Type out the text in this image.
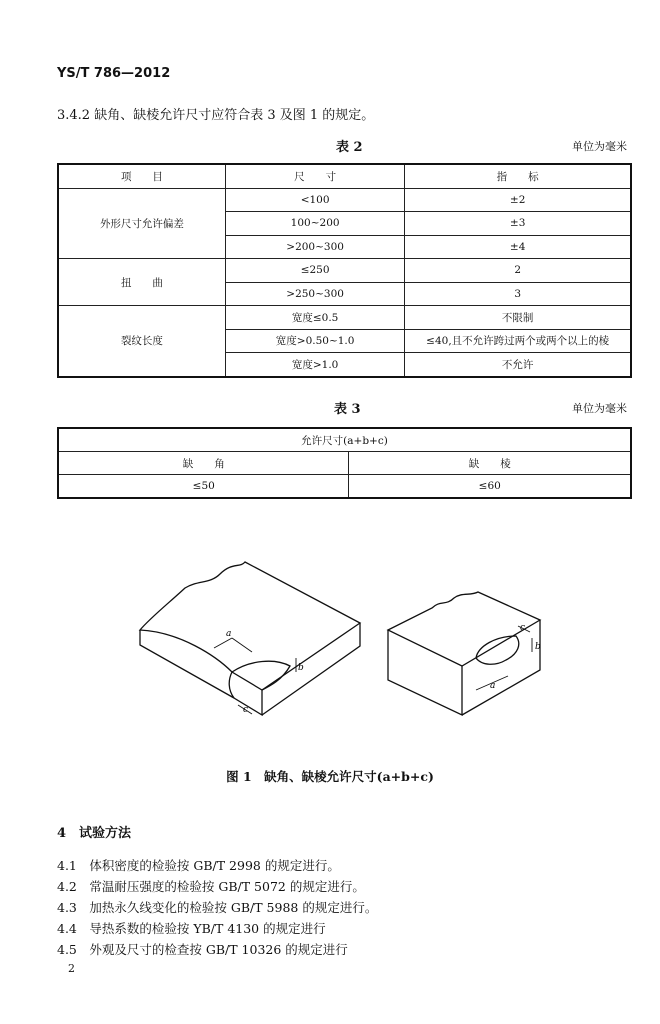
YS/T 786—2012
3.4.2 缺角、缺棱允许尺寸应符合表 3 及图 1 的规定。
表 2	单位为毫米
项　　目	尺　　寸	指　　标
外形尺寸允许偏差	<100	±2
	100~200	±3
	>200~300	±4
扭　　曲	≤250	2
	>250~300	3
裂纹长度	宽度≤0.5	不限制
	宽度>0.50~1.0	≤40,且不允许跨过两个或两个以上的棱
	宽度>1.0	不允许
表 3	单位为毫米
允许尺寸(a+b+c)	
缺　　角	缺　　棱
≤50	≤60
a
b
c
a
b
c
图 1　缺角、缺棱允许尺寸(a+b+c)
4　试验方法
4.1　体积密度的检验按 GB/T 2998 的规定进行。
4.2　常温耐压强度的检验按 GB/T 5072 的规定进行。
4.3　加热永久线变化的检验按 GB/T 5988 的规定进行。
4.4　导热系数的检验按 YB/T 4130 的规定进行
4.5　外观及尺寸的检查按 GB/T 10326 的规定进行
2
